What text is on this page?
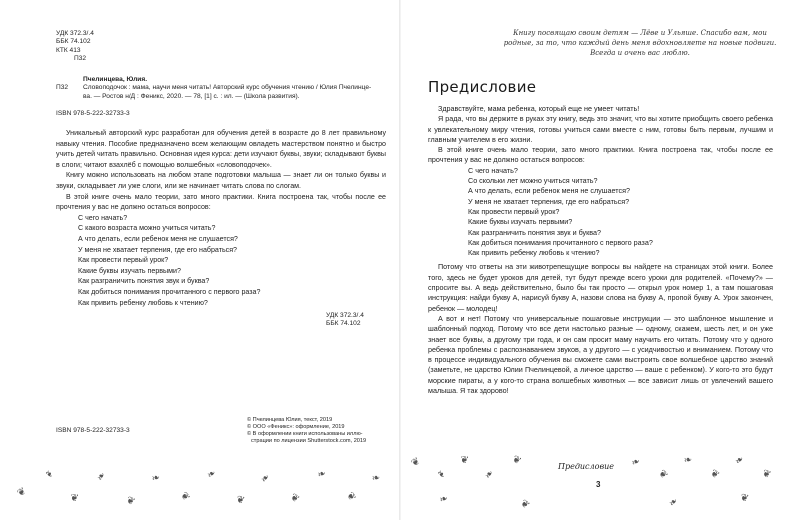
УДК 372.3/.4
ББК 74.102
КТК 413
П32
Пчелинцева, Юлия.
П32	Словоподочок : мама, научи меня читать! Авторский курс обучения чтению / Юлия Пчелинце-
ва. — Ростов н/Д : Феникс, 2020. — 78, [1] с. : ил. — (Школа развития).
ISBN 978-5-222-32733-3

Уникальный авторский курс разработан для обучения детей в возрасте до 8 лет правильному навыку чтения. Пособие предназначено всем желающим овладеть мастерством понятно и быстро учить детей читать правильно. Основная идея курса: дети изучают буквы, звуки; складывают буквы в слоги; читают взахлёб с помощью волшебных «словоподочек».

Книгу можно использовать на любом этапе подготовки малыша — знает ли он только буквы и звуки, складывает ли уже слоги, или же начинает читать слова по слогам.

В этой книге очень мало теории, зато много практики. Книга построена так, чтобы после ее прочтения у вас не должно остаться вопросов:

С чего начать?
С какого возраста можно учиться читать?
А что делать, если ребенок меня не слушается?
У меня не хватает терпения, где его набраться?
Как провести первый урок?
Какие буквы изучать первыми?
Как разграничить понятия звук и буква?
Как добиться понимания прочитанного с первого раза?
Как привить ребенку любовь к чтению?
УДК 372.3/.4
ББК 74.102
ISBN 978-5-222-32733-3
© Пчелинцева Юлия, текст, 2019
© ООО «Феникс»: оформление, 2019
© В оформлении книги использованы иллю-
страции по лицензии Shutterstock.com, 2019
❦
❧
❦
❧
❦
❧
❦
❧
❦
❧
❦
❧
❦
❧
Книгу посвящаю своим детям — Лёве и Ульяше. Спасибо вам, мои
родные, за то, что каждый день меня вдохновляете на новые подвиги.
Всегда и очень вас люблю.
Предисловие

Здравствуйте, мама ребенка, который еще не умеет читать!

Я рада, что вы держите в руках эту книгу, ведь это значит, что вы хотите приобщить своего ребенка к увлекательному миру чтения, готовы учиться сами вместе с ним, готовы быть первым, лучшим и главным учителем в его жизни.

В этой книге очень мало теории, зато много практики. Книга построена так, чтобы после ее прочтения у вас не должно остаться вопросов:

С чего начать?
Со скольки лет можно учиться читать?
А что делать, если ребенок меня не слушается?
У меня не хватает терпения, где его набраться?
Как провести первый урок?
Какие буквы изучать первыми?
Как разграничить понятия звук и буква?
Как добиться понимания прочитанного с первого раза?
Как привить ребенку любовь к чтению?

Потому что ответы на эти животрепещущие вопросы вы найдете на страницах этой книги. Более того, здесь не будет уроков для детей, тут будут прежде всего уроки для родителей. «Почему?» — спросите вы. А ведь действительно, было бы так просто — открыл урок номер 1, а там пошаговая инструкция: найди букву А, нарисуй букву А, назови слова на букву А, пропой букву А. Урок закончен, ребенок — молодец!

А вот и нет! Потому что универсальные пошаговые инструкции — это шаблонное мышление и шаблонный подход. Потому что все дети настолько разные — одному, скажем, шесть лет, и он уже знает все буквы, а другому три года, и он сам просит маму научить его читать. Потому что у одного ребенка проблемы с распознаванием звуков, а у другого — с усидчивостью и вниманием. Потому что в процессе индивидуального обучения вы сможете сами выстроить свое волшебное царство знаний (заметьте, не царство Юлии Пчелинцевой, а личное царство — ваше с ребенком). У кого-то это будут морские пираты, а у кого-то страна волшебных животных — все зависит лишь от увлечений вашего малыша. Я так здорово!

❦
❧
❦
❧
❦	❧
❦
❧
❦
❧
❦
❧	❦	❧	❦
Предисловие
3
